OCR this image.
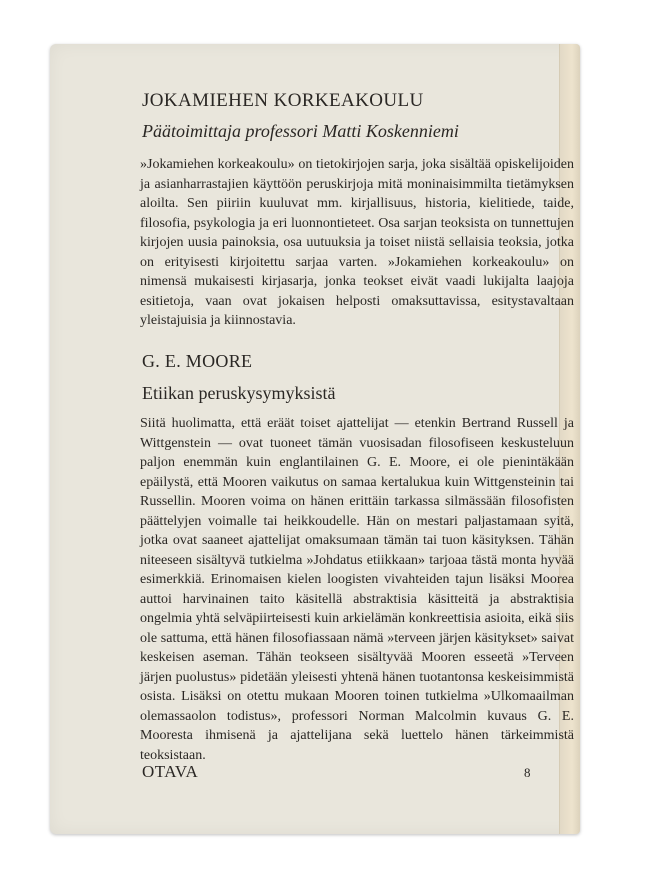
JOKAMIEHEN KORKEAKOULU
Päätoimittaja professori Matti Koskenniemi

»Jokamiehen korkeakoulu» on tietokirjojen sarja, joka sisältää opiskelijoiden ja asianharrastajien käyttöön peruskirjoja mitä moninaisimmilta tietämyksen aloilta. Sen piiriin kuuluvat mm. kirjallisuus, historia, kielitiede, taide, filosofia, psykologia ja eri luonnontieteet. Osa sarjan teoksista on tunnettujen kirjojen uusia painoksia, osa uutuuksia ja toiset niistä sellaisia teoksia, jotka on erityisesti kirjoitettu sarjaa varten. »Jokamiehen korkeakoulu» on nimensä mukaisesti kirjasarja, jonka teokset eivät vaadi lukijalta laajoja esitietoja, vaan ovat jokaisen helposti omaksuttavissa, esitystavaltaan yleistajuisia ja kiinnostavia.

G. E. MOORE
Etiikan peruskysymyksistä

Siitä huolimatta, että eräät toiset ajattelijat — etenkin Bertrand Russell ja Wittgenstein — ovat tuoneet tämän vuosisadan filosofiseen keskusteluun paljon enemmän kuin englantilainen G. E. Moore, ei ole pienintäkään epäilystä, että Mooren vaikutus on samaa kertalukua kuin Wittgensteinin tai Russellin. Mooren voima on hänen erittäin tarkassa silmässään filosofisten päättelyjen voimalle tai heikkoudelle. Hän on mestari paljastamaan syitä, jotka ovat saaneet ajattelijat omaksumaan tämän tai tuon käsityksen. Tähän niteeseen sisältyvä tutkielma »Johdatus etiikkaan» tarjoaa tästä monta hyvää esimerkkiä. Erinomaisen kielen loogisten vivahteiden tajun lisäksi Moorea auttoi harvinainen taito käsitellä abstraktisia käsitteitä ja abstraktisia ongelmia yhtä selväpiirteisesti kuin arkielämän konkreettisia asioita, eikä siis ole sattuma, että hänen filosofiassaan nämä »terveen järjen käsitykset» saivat keskeisen aseman. Tähän teokseen sisältyvää Mooren esseetä »Terveen järjen puolustus» pidetään yleisesti yhtenä hänen tuotantonsa keskeisimmistä osista. Lisäksi on otettu mukaan Mooren toinen tutkielma »Ulkomaailman olemassaolon todistus», professori Norman Malcolmin kuvaus G. E. Mooresta ihmisenä ja ajattelijana sekä luettelo hänen tärkeimmistä teoksistaan.

OTAVA	8
